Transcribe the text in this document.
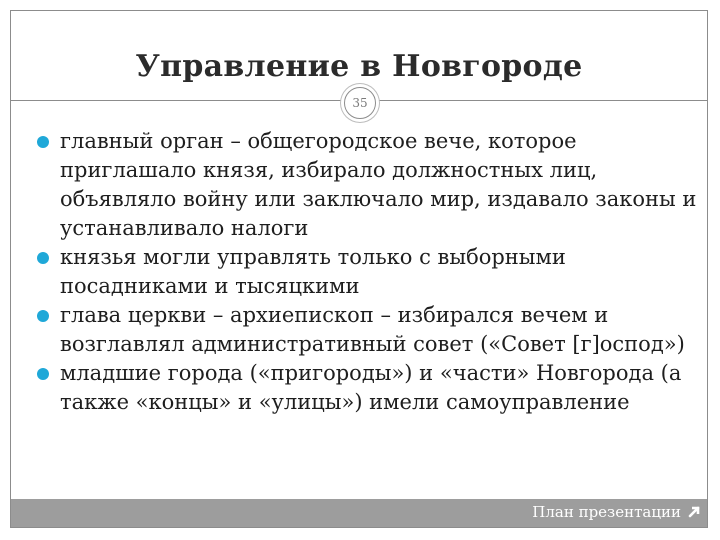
Управление в Новгороде
35
главный орган – общегородское вече, которое приглашало князя, избирало должностных лиц, объявляло войну или заключало мир, издавало законы и устанавливало налоги
князья могли управлять только с выборными посадниками и тысяцкими
глава церкви – архиепископ – избирался вечем и возглавлял административный совет («Совет [г]оспод»)
младшие города («пригороды») и «части» Новгорода (а также «концы» и «улицы») имели самоуправление
План презентации
